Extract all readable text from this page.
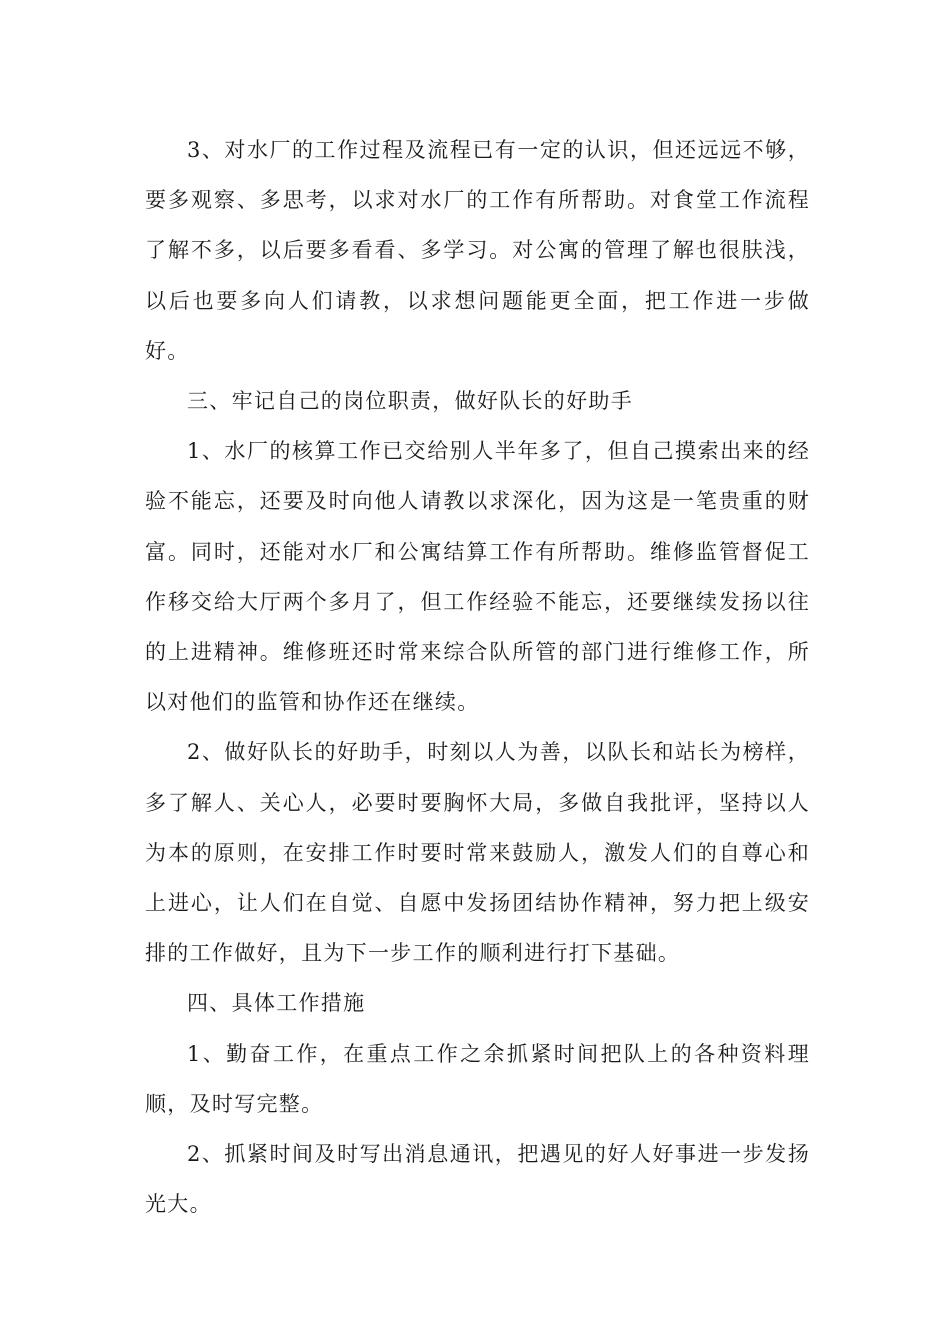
3、对水厂的工作过程及流程已有一定的认识，但还远远不够，要多观察、多思考，以求对水厂的工作有所帮助。对食堂工作流程了解不多，以后要多看看、多学习。对公寓的管理了解也很肤浅，以后也要多向人们请教，以求想问题能更全面，把工作进一步做好。

三、牢记自己的岗位职责，做好队长的好助手

1、水厂的核算工作已交给别人半年多了，但自己摸索出来的经验不能忘，还要及时向他人请教以求深化，因为这是一笔贵重的财富。同时，还能对水厂和公寓结算工作有所帮助。维修监管督促工作移交给大厅两个多月了，但工作经验不能忘，还要继续发扬以往的上进精神。维修班还时常来综合队所管的部门进行维修工作，所以对他们的监管和协作还在继续。

2、做好队长的好助手，时刻以人为善，以队长和站长为榜样，多了解人、关心人，必要时要胸怀大局，多做自我批评，坚持以人为本的原则，在安排工作时要时常来鼓励人，激发人们的自尊心和上进心，让人们在自觉、自愿中发扬团结协作精神，努力把上级安排的工作做好，且为下一步工作的顺利进行打下基础。

四、具体工作措施

1、勤奋工作，在重点工作之余抓紧时间把队上的各种资料理顺，及时写完整。

2、抓紧时间及时写出消息通讯，把遇见的好人好事进一步发扬光大。
